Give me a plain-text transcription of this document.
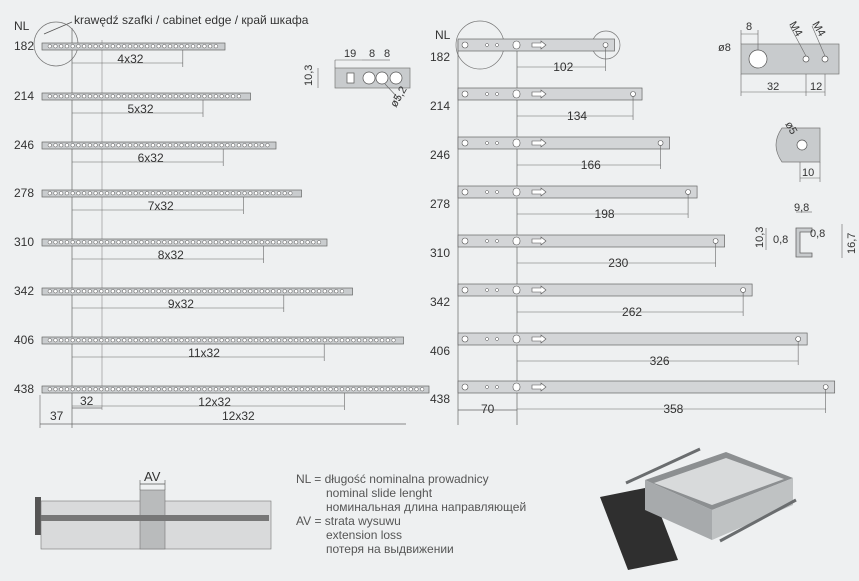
NL	krawędź szafki / cabinet edge / край шкафа
182
4x32
214
5x32
246
6x32
278
7x32
310
8x32
342
9x32
406
11x32
438
12x32
37
32
12x32
NL
182
102
214
134
246
166
278
198
310
230
342
262
406
326
438
358
70
19 8 8
10,3
ø5,2
8	M4 M4
ø8
32	12
ø5
10
9,8
10,3 0,8 0,8 16,7
AV	NL = długość nominalna prowadnicy
nominal slide lenght
номинальная длина направляющей
AV = strata wysuwu
extension loss
потеря на выдвижении
